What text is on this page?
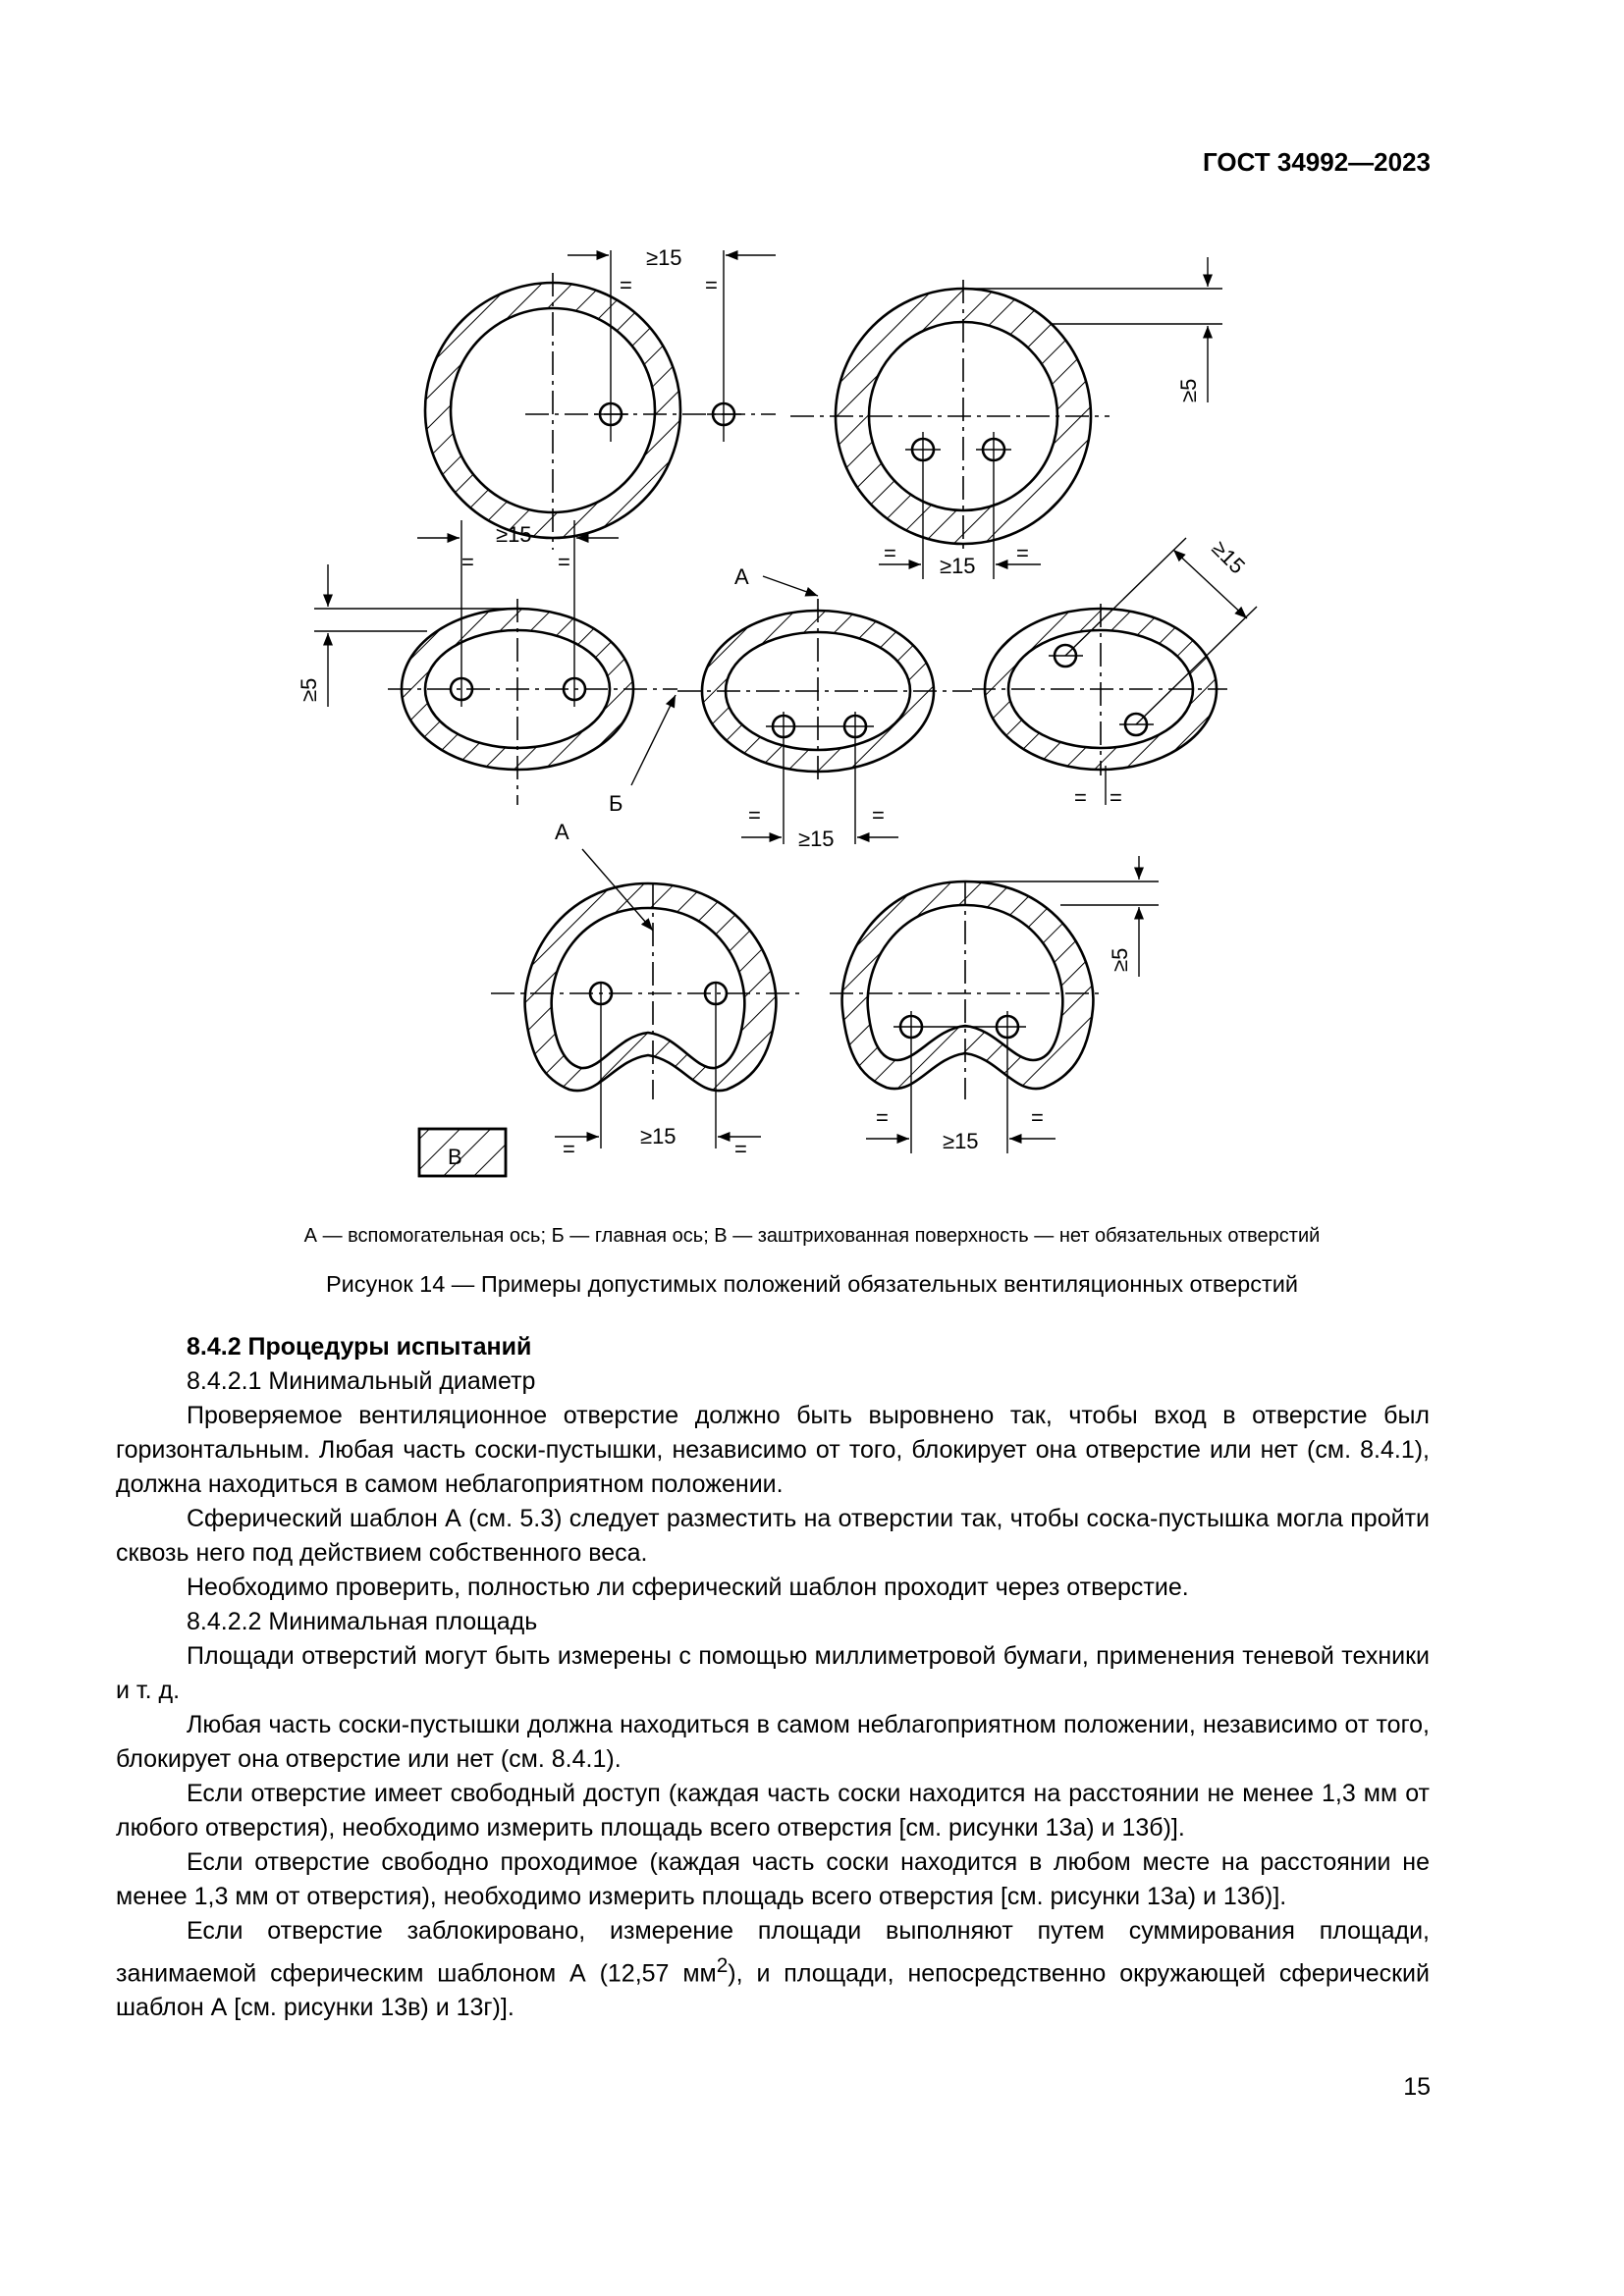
ГОСТ 34992—2023
≥15
=	=
≥15
=	=
≥5
≥15
=	=
≥5
А
Б
≥15
=	=
≥15
= =
А
≥15
=	=	≥15
=	=
≥5
В
А — вспомогательная ось; Б — главная ось; В — заштрихованная поверхность — нет обязательных отверстий
Рисунок 14 — Примеры допустимых положений обязательных вентиляционных отверстий

8.4.2 Процедуры испытаний

8.4.2.1 Минимальный диаметр

Проверяемое вентиляционное отверстие должно быть выровнено так, чтобы вход в отверстие был горизонтальным. Любая часть соски-пустышки, независимо от того, блокирует она отверстие или нет (см. 8.4.1), должна находиться в самом неблагоприятном положении.

Сферический шаблон А (см. 5.3) следует разместить на отверстии так, чтобы соска-пустышка могла пройти сквозь него под действием собственного веса.

Необходимо проверить, полностью ли сферический шаблон проходит через отверстие.

8.4.2.2 Минимальная площадь

Площади отверстий могут быть измерены с помощью миллиметровой бумаги, применения теневой техники и т. д.

Любая часть соски-пустышки должна находиться в самом неблагоприятном положении, независимо от того, блокирует она отверстие или нет (см. 8.4.1).

Если отверстие имеет свободный доступ (каждая часть соски находится на расстоянии не менее 1,3 мм от любого отверстия), необходимо измерить площадь всего отверстия [см. рисунки 13а) и 13б)].

Если отверстие свободно проходимое (каждая часть соски находится в любом месте на расстоянии не менее 1,3 мм от отверстия), необходимо измерить площадь всего отверстия [см. рисунки 13а) и 13б)].

Если отверстие заблокировано, измерение площади выполняют путем суммирования площади, занимаемой сферическим шаблоном А (12,57 $мм^2$), и площади, непосредственно окружающей сферический шаблон А [см. рисунки 13в) и 13г)].

15
